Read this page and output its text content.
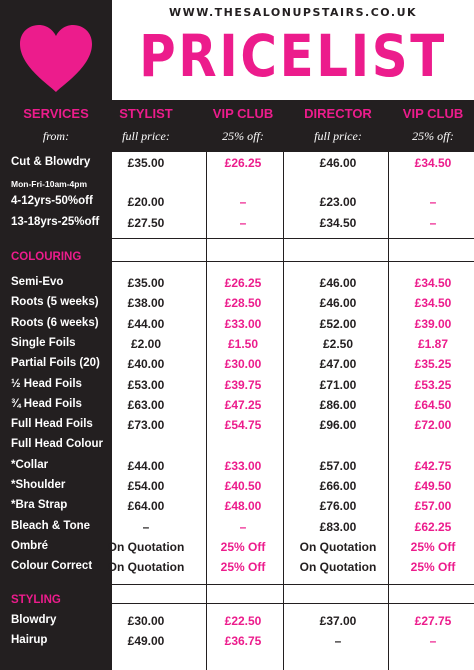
WWW.THESALONUPSTAIRS.CO.UK
PRICELIST
SERVICES	STYLIST	VIP CLUB	DIRECTOR	VIP CLUB
from:	full price:	25% off:	full price:	25% off:
Cut & Blowdry	£35.00	£26.25	£46.00	£34.50
Mon-Fri-10am-4pm
4-12yrs-50%off	£20.00	–	£23.00	–
13-18yrs-25%off	£27.50	–	£34.50	–
COLOURING
Semi-Evo	£35.00	£26.25	£46.00	£34.50
Roots (5 weeks)	£38.00	£28.50	£46.00	£34.50
Roots (6 weeks)	£44.00	£33.00	£52.00	£39.00
Single Foils	£2.00	£1.50	£2.50	£1.87
Partial Foils (20)	£40.00	£30.00	£47.00	£35.25
½ Head Foils	£53.00	£39.75	£71.00	£53.25
¾ Head Foils	£63.00	£47.25	£86.00	£64.50
Full Head Foils	£73.00	£54.75	£96.00	£72.00
Full Head Colour
*Collar	£44.00	£33.00	£57.00	£42.75
*Shoulder	£54.00	£40.50	£66.00	£49.50
*Bra Strap	£64.00	£48.00	£76.00	£57.00
Bleach & Tone	–	–	£83.00	£62.25
Ombré	On Quotation	25% Off	On Quotation	25% Off
Colour Correct	On Quotation	25% Off	On Quotation	25% Off
STYLING
Blowdry	£30.00	£22.50	£37.00	£27.75
Hairup	£49.00	£36.75	–	–
